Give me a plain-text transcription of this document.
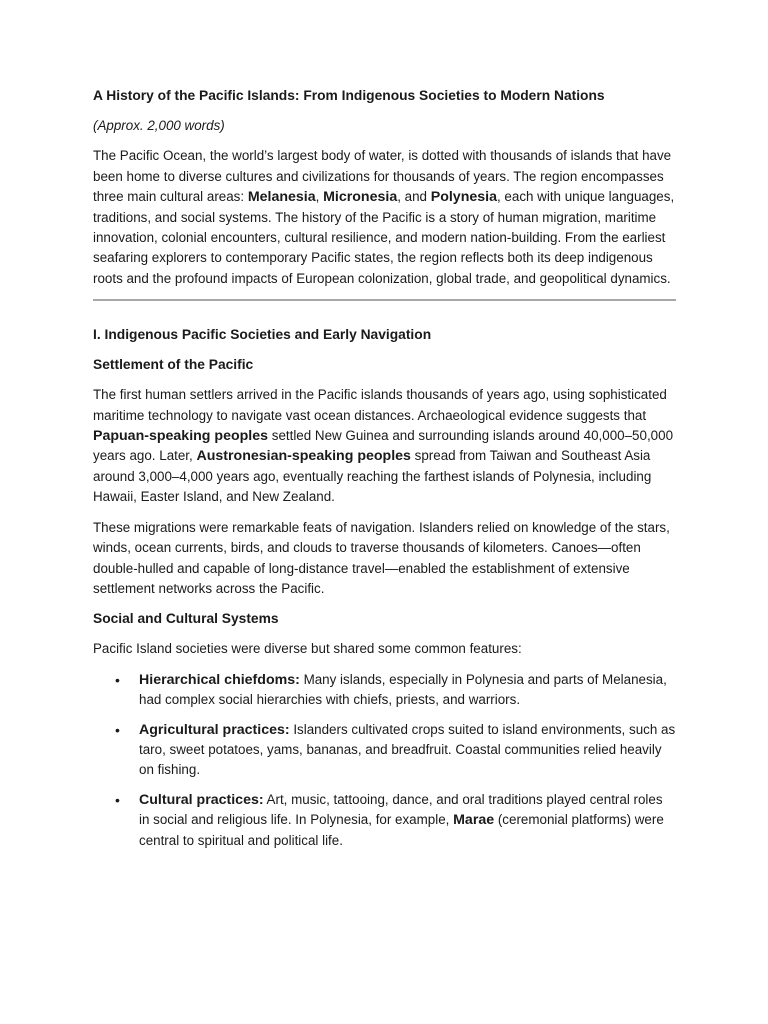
A History of the Pacific Islands: From Indigenous Societies to Modern Nations

(Approx. 2,000 words)

The Pacific Ocean, the world’s largest body of water, is dotted with thousands of islands that have been home to diverse cultures and civilizations for thousands of years. The region encompasses three main cultural areas: Melanesia, Micronesia, and Polynesia, each with unique languages, traditions, and social systems. The history of the Pacific is a story of human migration, maritime innovation, colonial encounters, cultural resilience, and modern nation-building. From the earliest seafaring explorers to contemporary Pacific states, the region reflects both its deep indigenous roots and the profound impacts of European colonization, global trade, and geopolitical dynamics.

I. Indigenous Pacific Societies and Early Navigation
Settlement of the Pacific

The first human settlers arrived in the Pacific islands thousands of years ago, using sophisticated maritime technology to navigate vast ocean distances. Archaeological evidence suggests that Papuan-speaking peoples settled New Guinea and surrounding islands around 40,000–50,000 years ago. Later, Austronesian-speaking peoples spread from Taiwan and Southeast Asia around 3,000–4,000 years ago, eventually reaching the farthest islands of Polynesia, including Hawaii, Easter Island, and New Zealand.

These migrations were remarkable feats of navigation. Islanders relied on knowledge of the stars, winds, ocean currents, birds, and clouds to traverse thousands of kilometers. Canoes—often double-hulled and capable of long-distance travel—enabled the establishment of extensive settlement networks across the Pacific.

Social and Cultural Systems

Pacific Island societies were diverse but shared some common features:

• Hierarchical chiefdoms: Many islands, especially in Polynesia and parts of Melanesia, had complex social hierarchies with chiefs, priests, and warriors.
• Agricultural practices: Islanders cultivated crops suited to island environments, such as taro, sweet potatoes, yams, bananas, and breadfruit. Coastal communities relied heavily on fishing.
• Cultural practices: Art, music, tattooing, dance, and oral traditions played central roles in social and religious life. In Polynesia, for example, Marae (ceremonial platforms) were central to spiritual and political life.
